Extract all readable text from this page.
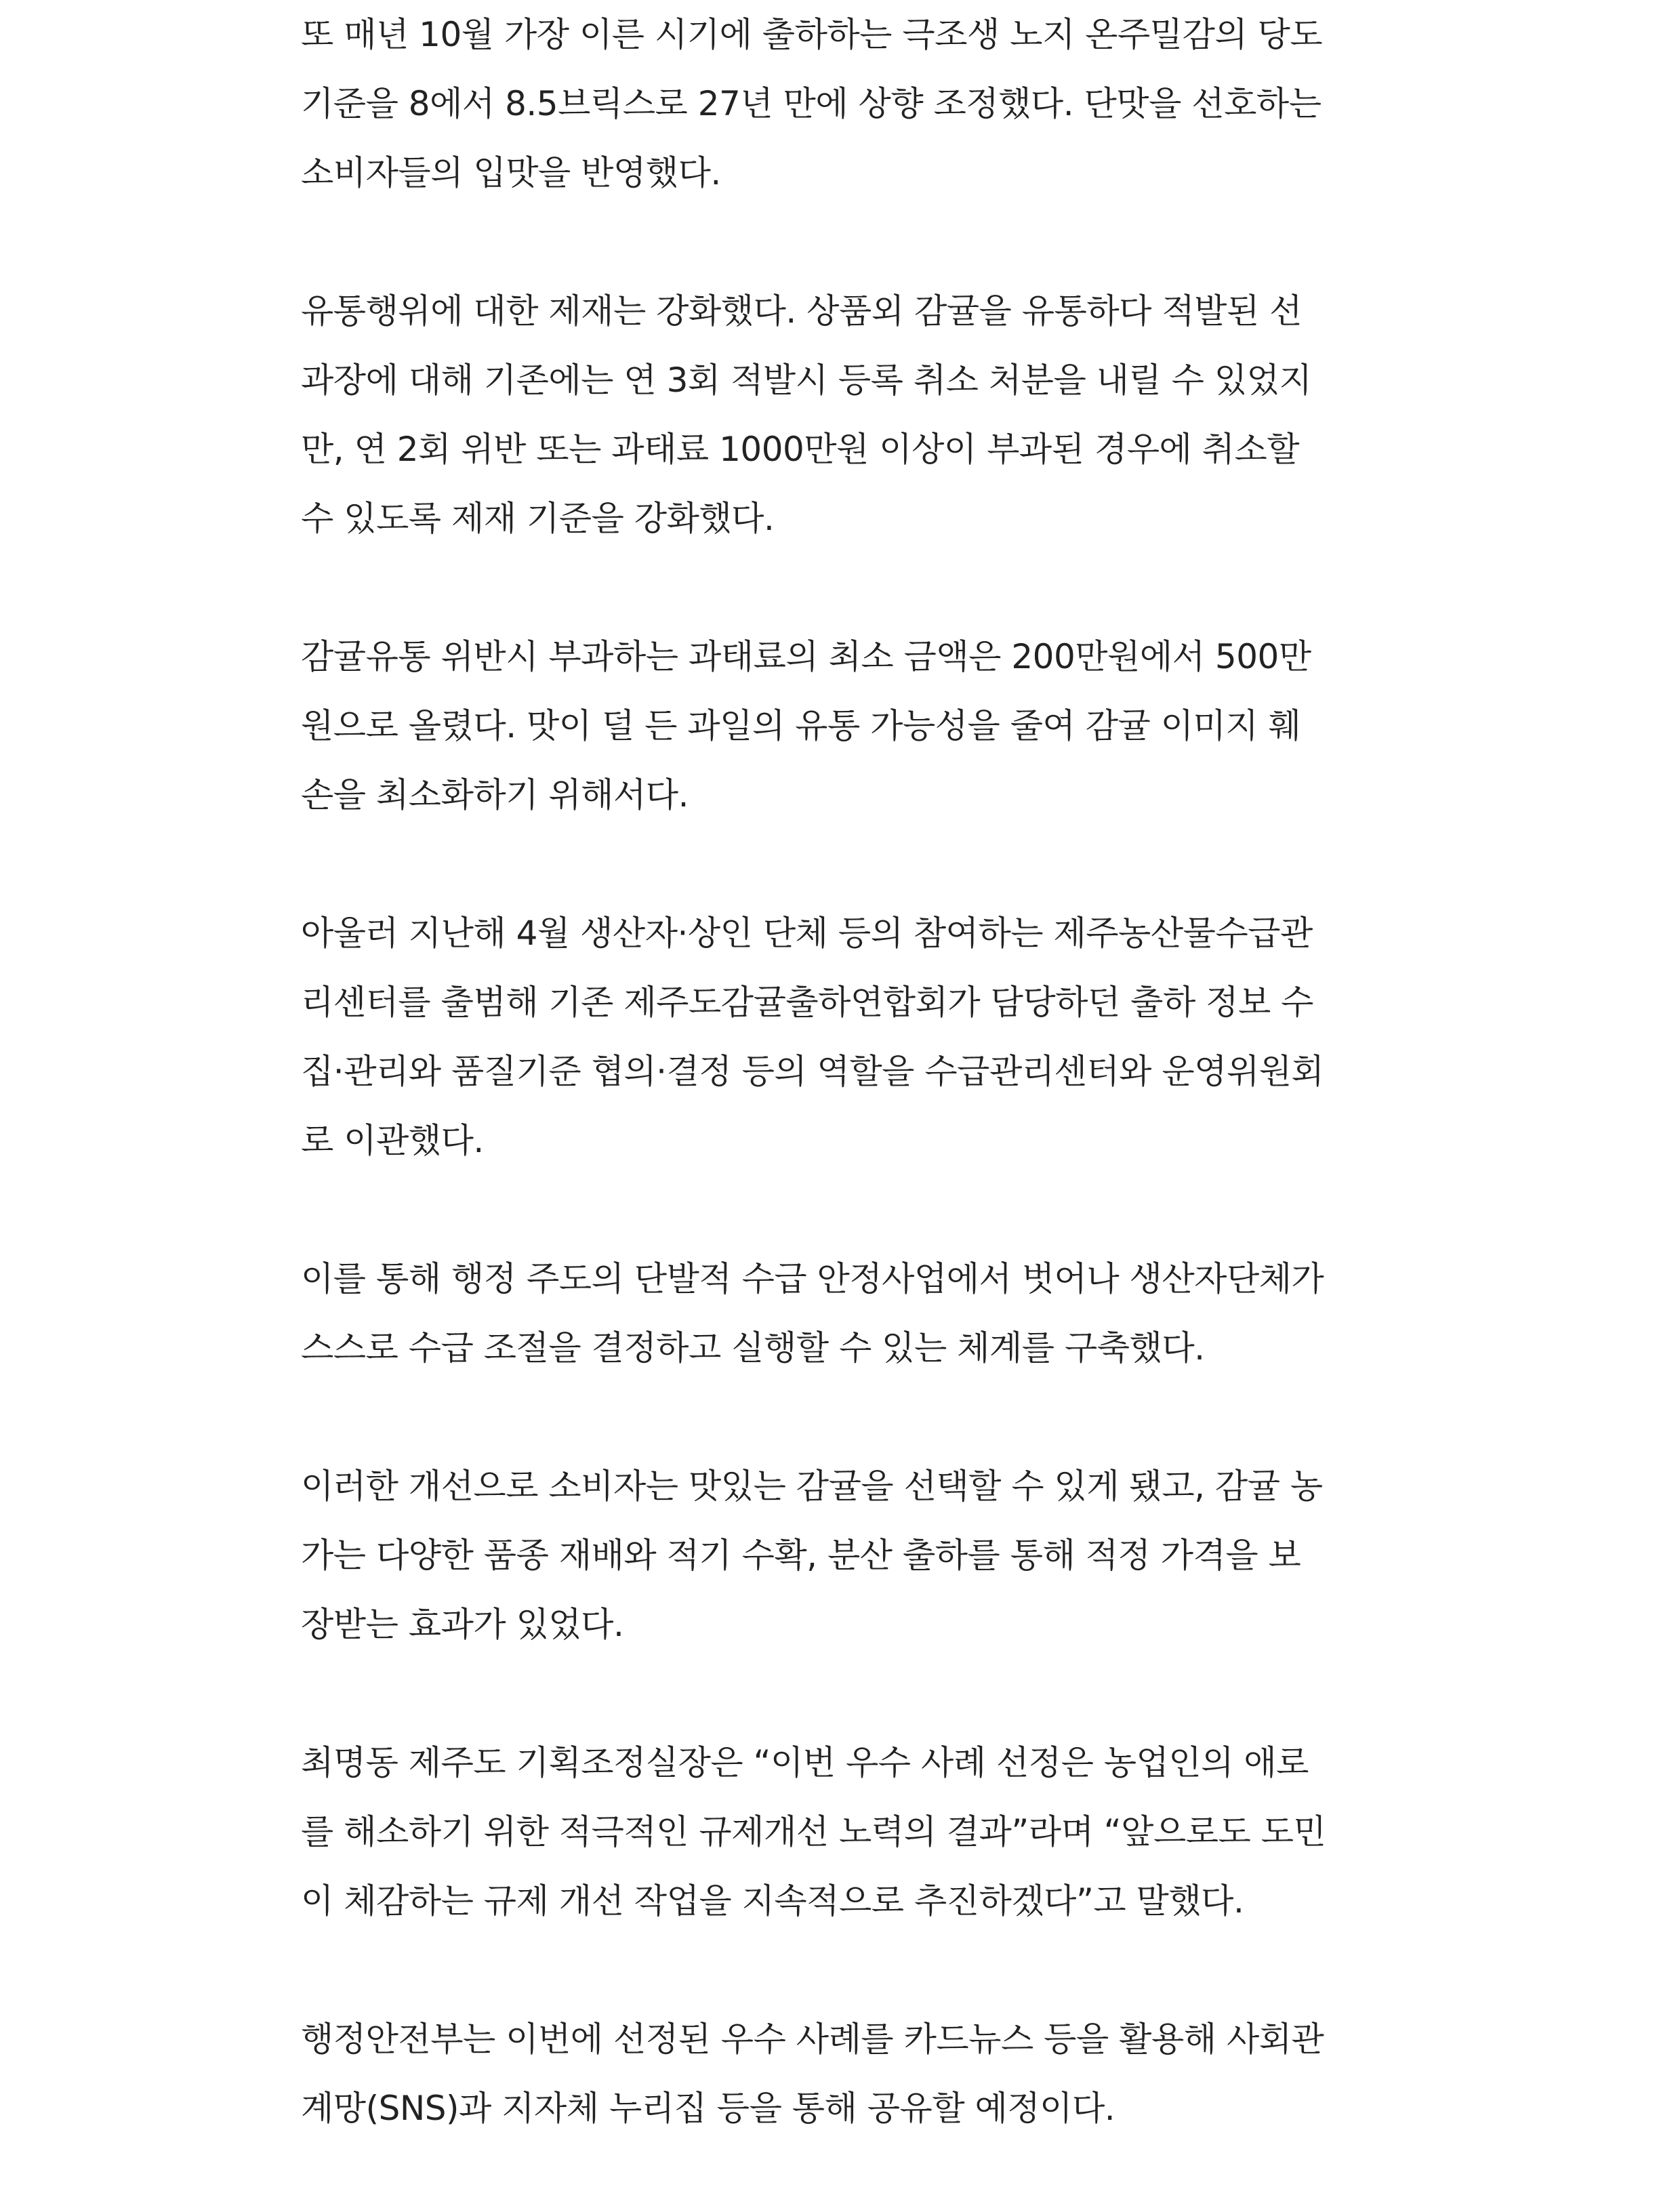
또 매년 10월 가장 이른 시기에 출하하는 극조생 노지 온주밀감의 당도
기준을 8에서 8.5브릭스로 27년 만에 상향 조정했다. 단맛을 선호하는
소비자들의 입맛을 반영했다.

유통행위에 대한 제재는 강화했다. 상품외 감귤을 유통하다 적발된 선
과장에 대해 기존에는 연 3회 적발시 등록 취소 처분을 내릴 수 있었지
만, 연 2회 위반 또는 과태료 1000만원 이상이 부과된 경우에 취소할
수 있도록 제재 기준을 강화했다.

감귤유통 위반시 부과하는 과태료의 최소 금액은 200만원에서 500만
원으로 올렸다. 맛이 덜 든 과일의 유통 가능성을 줄여 감귤 이미지 훼
손을 최소화하기 위해서다.

아울러 지난해 4월 생산자·상인 단체 등의 참여하는 제주농산물수급관
리센터를 출범해 기존 제주도감귤출하연합회가 담당하던 출하 정보 수
집·관리와 품질기준 협의·결정 등의 역할을 수급관리센터와 운영위원회
로 이관했다.

이를 통해 행정 주도의 단발적 수급 안정사업에서 벗어나 생산자단체가
스스로 수급 조절을 결정하고 실행할 수 있는 체계를 구축했다.

이러한 개선으로 소비자는 맛있는 감귤을 선택할 수 있게 됐고, 감귤 농
가는 다양한 품종 재배와 적기 수확, 분산 출하를 통해 적정 가격을 보
장받는 효과가 있었다.

최명동 제주도 기획조정실장은 “이번 우수 사례 선정은 농업인의 애로
를 해소하기 위한 적극적인 규제개선 노력의 결과”라며 “앞으로도 도민
이 체감하는 규제 개선 작업을 지속적으로 추진하겠다”고 말했다.

행정안전부는 이번에 선정된 우수 사례를 카드뉴스 등을 활용해 사회관
계망(SNS)과 지자체 누리집 등을 통해 공유할 예정이다.
